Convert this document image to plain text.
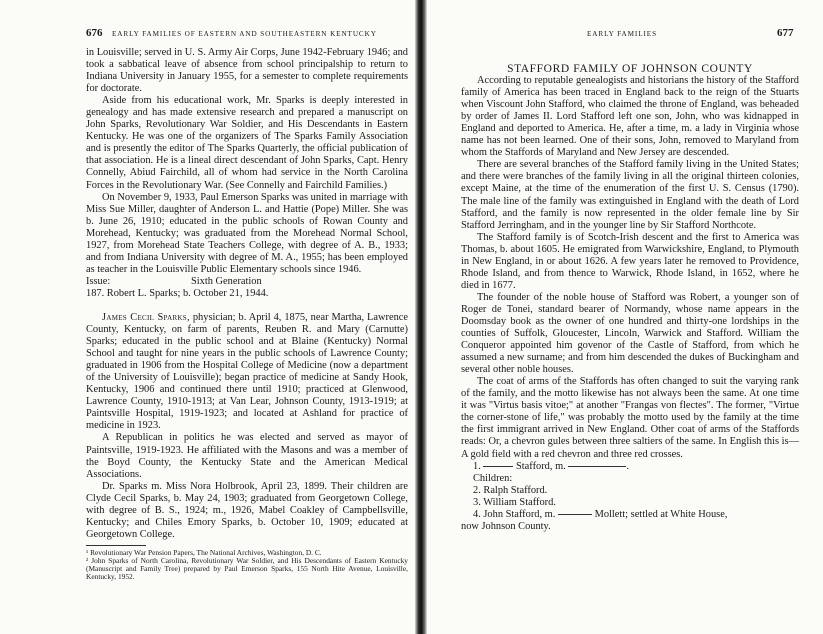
676 EARLY FAMILIES OF EASTERN AND SOUTHEASTERN KENTUCKY

in Louisville; served in U. S. Army Air Corps, June 1942-February 1946; and took a sabbatical leave of absence from school principalship to return to Indiana University in January 1955, for a semester to complete requirements for doctorate.

Aside from his educational work, Mr. Sparks is deeply interested in genealogy and has made extensive research and prepared a manuscript on John Sparks, Revolutionary War Soldier, and His Descendants in Eastern Kentucky. He was one of the organizers of The Sparks Family Association and is presently the editor of The Sparks Quarterly, the official publication of that association. He is a lineal direct descendant of John Sparks, Capt. Henry Connelly, Abiud Fairchild, all of whom had service in the North Carolina Forces in the Revolutionary War. (See Connelly and Fairchild Families.)

On November 9, 1933, Paul Emerson Sparks was united in marriage with Miss Sue Miller, daughter of Anderson L. and Hattie (Pope) Miller. She was b. June 26, 1910; educated in the public schools of Rowan County and Morehead, Kentucky; was graduated from the Morehead Normal School, 1927, from Morehead State Teachers College, with degree of A. B., 1933; and from Indiana University with degree of M. A., 1955; has been employed as teacher in the Louisville Public Elementary schools since 1946.

Issue:	Sixth Generation

187. Robert L. Sparks; b. October 21, 1944.

James Cecil Sparks, physician; b. April 4, 1875, near Martha, Lawrence County, Kentucky, on farm of parents, Reuben R. and Mary (Carnutte) Sparks; educated in the public school and at Blaine (Kentucky) Normal School and taught for nine years in the public schools of Lawrence County; graduated in 1906 from the Hospital College of Medicine (now a department of the University of Louisville); began practice of medicine at Sandy Hook, Kentucky, 1906 and continued there until 1910; practiced at Glenwood, Lawrence County, 1910-1913; at Van Lear, Johnson County, 1913-1919; at Paintsville Hospital, 1919-1923; and located at Ashland for practice of medicine in 1923.

A Republican in politics he was elected and served as mayor of Paintsville, 1919-1923. He affiliated with the Masons and was a member of the Boyd County, the Kentucky State and the American Medical Associations.

Dr. Sparks m. Miss Nora Holbrook, April 23, 1899. Their children are Clyde Cecil Sparks, b. May 24, 1903; graduated from Georgetown College, with degree of B. S., 1924; m., 1926, Mabel Coakley of Campbellsville, Kentucky; and Chiles Emory Sparks, b. October 10, 1909; educated at Georgetown College.

¹ Revolutionary War Pension Papers, The National Archives, Washington, D. C.

² John Sparks of North Carolina, Revolutionary War Soldier, and His Descendants of Eastern Kentucky (Manuscript and Family Tree) prepared by Paul Emerson Sparks, 155 North Hite Avenue, Louisville, Kentucky, 1952.

EARLY FAMILIES	677

STAFFORD FAMILY OF JOHNSON COUNTY

According to reputable genealogists and historians the history of the Stafford family of America has been traced in England back to the reign of the Stuarts when Viscount John Stafford, who claimed the throne of England, was beheaded by order of James II. Lord Stafford left one son, John, who was kidnapped in England and deported to America. He, after a time, m. a lady in Virginia whose name has not been learned. One of their sons, John, removed to Maryland from whom the Staffords of Maryland and New Jersey are descended.

There are several branches of the Stafford family living in the United States; and there were branches of the family living in all the original thirteen colonies, except Maine, at the time of the enumeration of the first U. S. Census (1790). The male line of the family was extinguished in England with the death of Lord Stafford, and the family is now represented in the older female line by Sir Stafford Jerringham, and in the younger line by Sir Stafford Northcote.

The Stafford family is of Scotch-Irish descent and the first to America was Thomas, b. about 1605. He emigrated from Warwickshire, England, to Plymouth in New England, in or about 1626. A few years later he removed to Providence, Rhode Island, and from thence to Warwick, Rhode Island, in 1652, where he died in 1677.

The founder of the noble house of Stafford was Robert, a younger son of Roger de Tonei, standard bearer of Normandy, whose name appears in the Doomsday book as the owner of one hundred and thirty-one lordships in the counties of Suffolk, Gloucester, Lincoln, Warwick and Stafford. William the Conqueror appointed him govenor of the Castle of Stafford, from which he assumed a new surname; and from him descended the dukes of Buckingham and several other noble houses.

The coat of arms of the Staffords has often changed to suit the varying rank of the family, and the motto likewise has not always been the same. At one time it was "Virtus basis vitoe;" at another "Frangas von flectes". The former, "Virtue the corner-stone of life," was probably the motto used by the family at the time the first immigrant arrived in New England. Other coat of arms of the Staffords reads: Or, a chevron gules between three saltiers of the same. In English this is—A gold field with a red chevron and three red crosses.

1.	Stafford, m.	.

Children:

2. Ralph Stafford.

3. William Stafford.

4. John Stafford, m.	Mollett; settled at White House,

now Johnson County.
